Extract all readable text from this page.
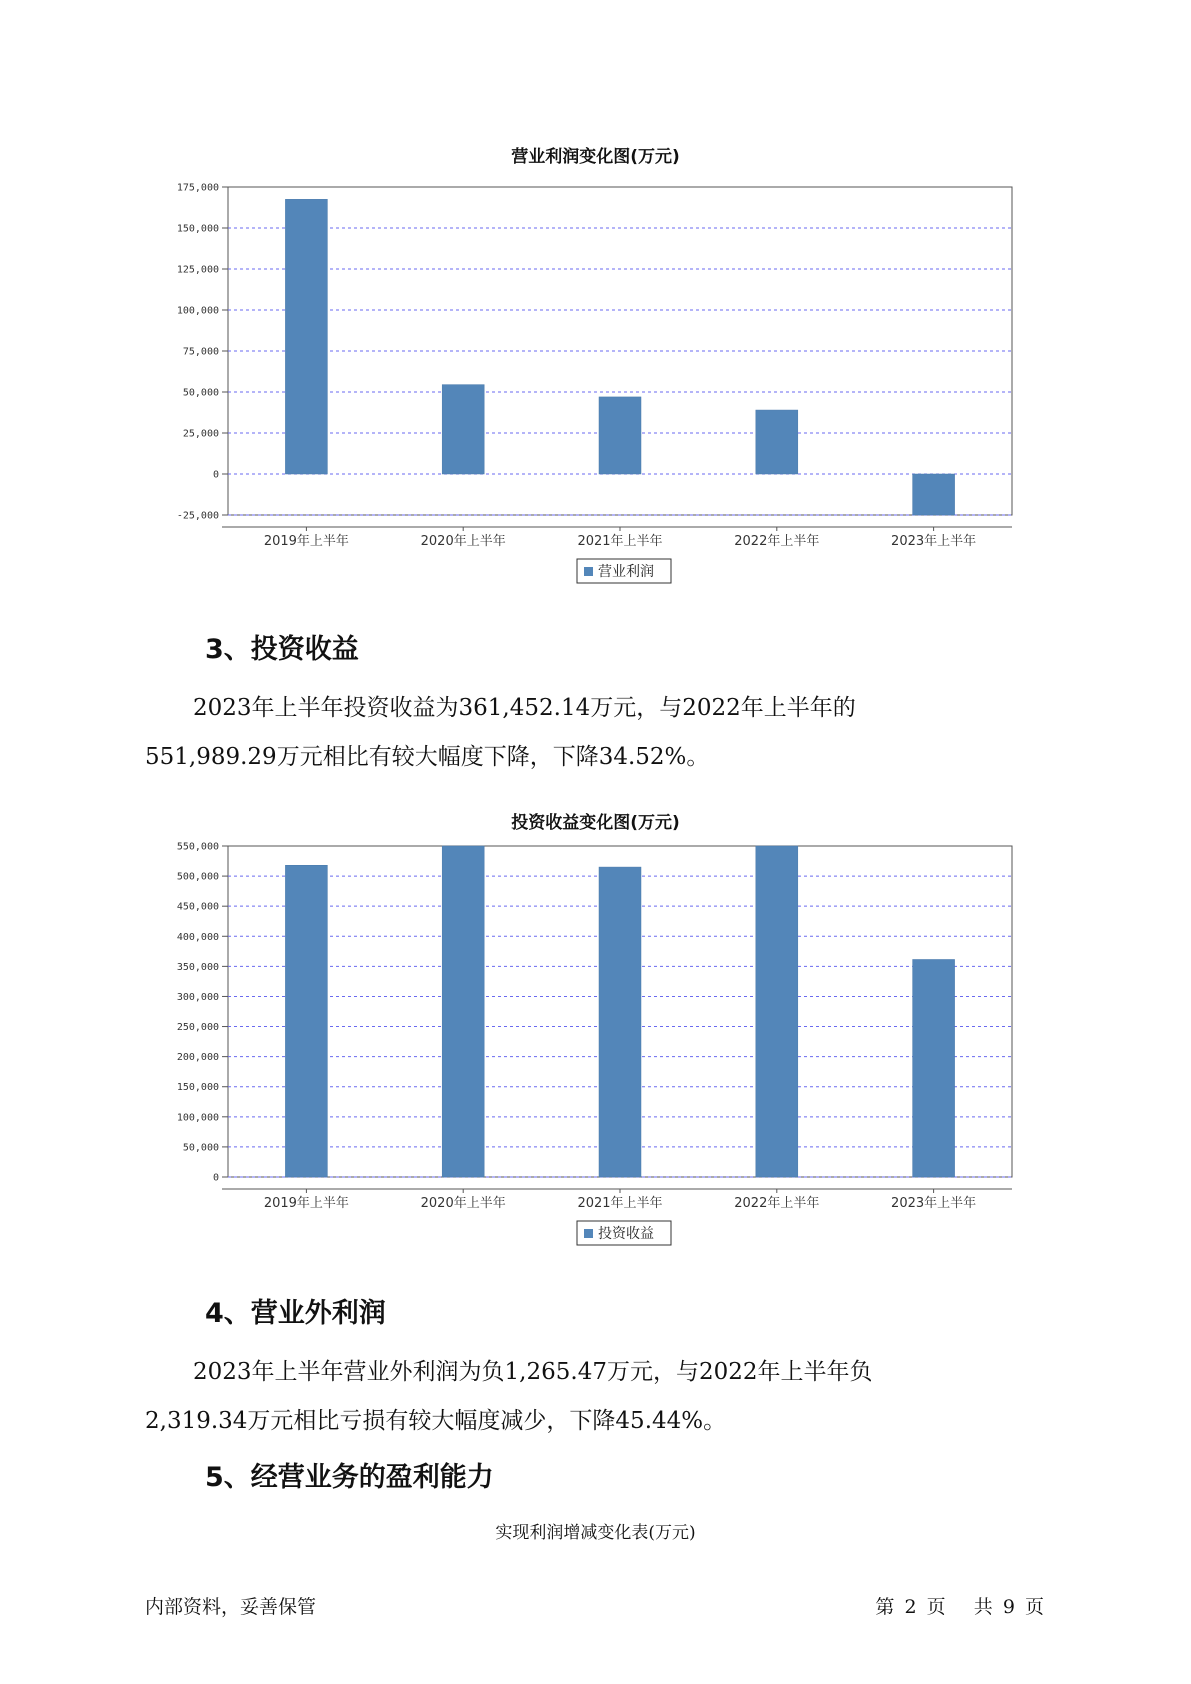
营业利润变化图(万元)
175,000
150,000
125,000
100,000
75,000
50,000
25,000
0
-25,000
2019年上半年	2020年上半年	2021年上半年	2022年上半年	2023年上半年
营业利润
3、投资收益

2023年上半年投资收益为361,452.14万元，与2022年上半年的

551,989.29万元相比有较大幅度下降，下降34.52%。

投资收益变化图(万元)
550,000
500,000
450,000
400,000
350,000
300,000
250,000
200,000
150,000
100,000
50,000
0
2019年上半年	2020年上半年	2021年上半年	2022年上半年	2023年上半年
投资收益
4、营业外利润

2023年上半年营业外利润为负1,265.47万元，与2022年上半年负

2,319.34万元相比亏损有较大幅度减少，下降45.44%。

5、经营业务的盈利能力
实现利润增减变化表(万元)
内部资料，妥善保管	第 2 页 共 9 页
